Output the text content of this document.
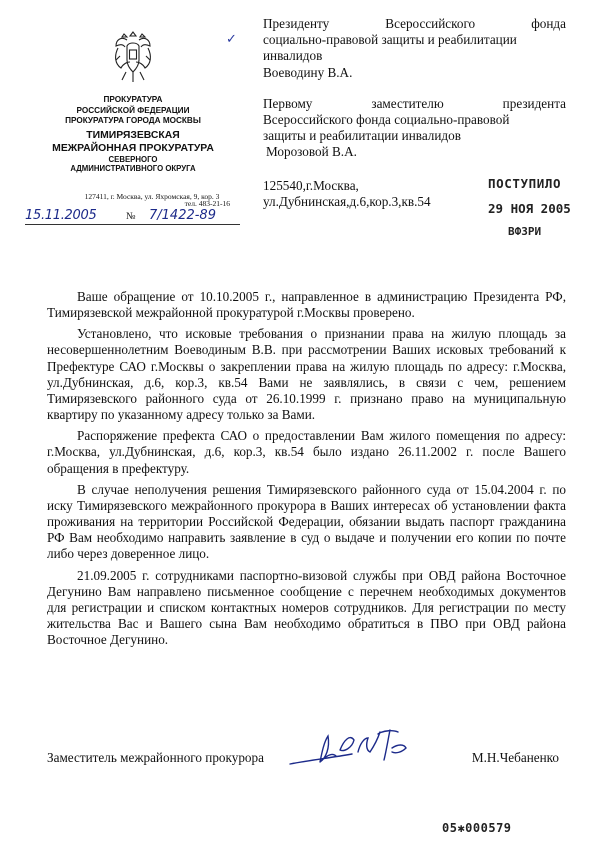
ПРОКУРАТУРА
РОССИЙСКОЙ ФЕДЕРАЦИИ
ПРОКУРАТУРА ГОРОДА МОСКВЫ
ТИМИРЯЗЕВСКАЯ
МЕЖРАЙОННАЯ ПРОКУРАТУРА
СЕВЕРНОГО
АДМИНИСТРАТИВНОГО ОКРУГА
127411, г. Москва, ул. Яхромская, 9, кор. 3
тел. 483-21-16
15.11.2005	№ 7/1422-89
✓

Президенту Всероссийского фонда

социально-правовой защиты и реабилитации

инвалидов

Воеводину В.А.

Первому заместителю президента

Всероссийского фонда социально-правовой

защиты и реабилитации инвалидов

Морозовой В.А.

125540,г.Москва,

ул.Дубнинская,д.6,кор.3,кв.54

ПОСТУПИЛО
29 НОЯ 2005
ВФЗРИ

Ваше обращение от 10.10.2005 г., направленное в администрацию Президента РФ, Тимирязевской межрайонной прокуратурой г.Москвы проверено.

Установлено, что исковые требования о признании права на жилую площадь за несовершеннолетним Воеводиным В.В. при рассмотрении Ваших исковых требований к Префектуре САО г.Москвы о закреплении права на жилую площадь по адресу: г.Москва, ул.Дубнинская, д.6, кор.3, кв.54 Вами не заявлялись, в связи с чем, решением Тимирязевского районного суда от 26.10.1999 г. признано право на муниципальную квартиру по указанному адресу только за Вами.

Распоряжение префекта САО о предоставлении Вам жилого помещения по адресу: г.Москва, ул.Дубнинская, д.6, кор.3, кв.54 было издано 26.11.2002 г. после Вашего обращения в префектуру.

В случае неполучения решения Тимирязевского районного суда от 15.04.2004 г. по иску Тимирязевского межрайонного прокурора в Ваших интересах об установлении факта проживания на территории Российской Федерации, обязании выдать паспорт гражданина РФ Вам необходимо направить заявление в суд о выдаче и получении его копии по почте либо через доверенное лицо.

21.09.2005 г. сотрудниками паспортно-визовой службы при ОВД района Восточное Дегунино Вам направлено письменное сообщение с перечнем необходимых документов для регистрации и списком контактных номеров сотрудников. Для регистрации по месту жительства Вас и Вашего сына Вам необходимо обратиться в ПВО при ОВД района Восточное Дегунино.

Заместитель межрайонного прокурора	М.Н.Чебаненко
05✱000579
